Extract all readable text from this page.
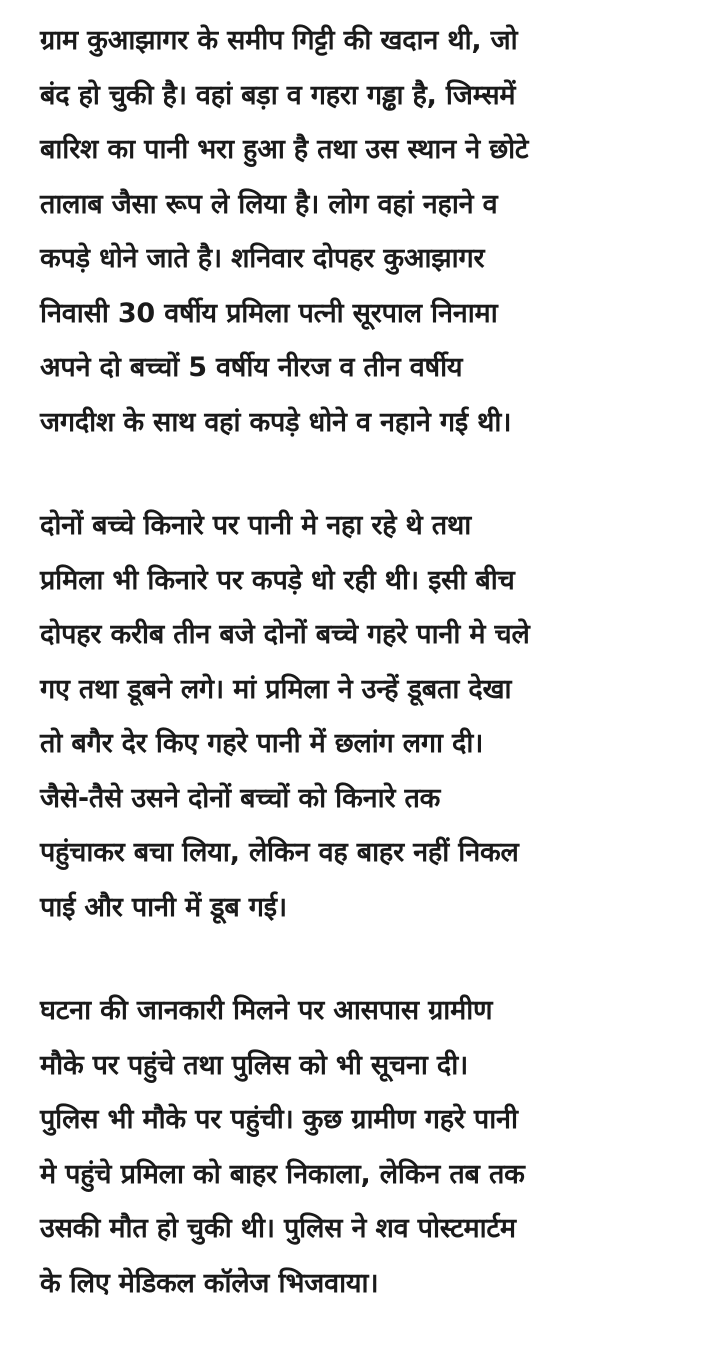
ग्राम कुआझागर के समीप गिट्टी की खदान थी, जो
बंद हो चुकी है। वहां बड़ा व गहरा गड्ढा है, जिम्समें
बारिश का पानी भरा हुआ है तथा उस स्थान ने छोटे
तालाब जैसा रूप ले लिया है। लोग वहां नहाने व
कपड़े धोने जाते है। शनिवार दोपहर कुआझागर
निवासी 30 वर्षीय प्रमिला पत्नी सूरपाल निनामा
अपने दो बच्चों 5 वर्षीय नीरज व तीन वर्षीय
जगदीश के साथ वहां कपड़े धोने व नहाने गई थी।

दोनों बच्चे किनारे पर पानी मे नहा रहे थे तथा
प्रमिला भी किनारे पर कपड़े धो रही थी। इसी बीच
दोपहर करीब तीन बजे दोनों बच्चे गहरे पानी मे चले
गए तथा डूबने लगे। मां प्रमिला ने उन्हें डूबता देखा
तो बगैर देर किए गहरे पानी में छलांग लगा दी।
जैसे-तैसे उसने दोनों बच्चों को किनारे तक
पहुंचाकर बचा लिया, लेकिन वह बाहर नहीं निकल
पाई और पानी में डूब गई।

घटना की जानकारी मिलने पर आसपास ग्रामीण
मौके पर पहुंचे तथा पुलिस को भी सूचना दी।
पुलिस भी मौके पर पहुंची। कुछ ग्रामीण गहरे पानी
मे पहुंचे प्रमिला को बाहर निकाला, लेकिन तब तक
उसकी मौत हो चुकी थी। पुलिस ने शव पोस्टमार्टम
के लिए मेडिकल कॉलेज भिजवाया।
